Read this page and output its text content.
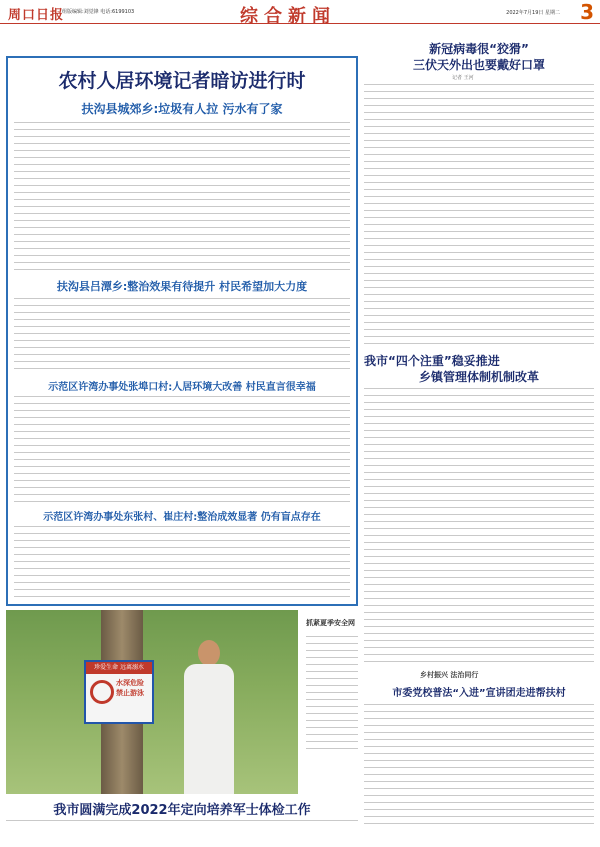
周口日报
组版编辑:刘觉锋 电话:6199103	综合新闻	2022年7月19日 星期二 3
农村人居环境记者暗访进行时
扶沟县城郊乡:垃圾有人拉 污水有了家
扶沟县吕潭乡:整治效果有待提升 村民希望加大力度
示范区许湾办事处张埠口村:人居环境大改善 村民直言很幸福
示范区许湾办事处东张村、崔庄村:整治成效显著 仍有盲点存在
珍爱生命 远离溺水
水深危险 禁止游泳
抓紧夏季安全网
我市圆满完成2022年定向培养军士体检工作
新冠病毒很“狡猾”
三伏天外出也要戴好口罩
记者 王河
我市“四个注重”稳妥推进
乡镇管理体制机制改革
乡村振兴 法治同行
市委党校普法“入进”宣讲团走进帮扶村
